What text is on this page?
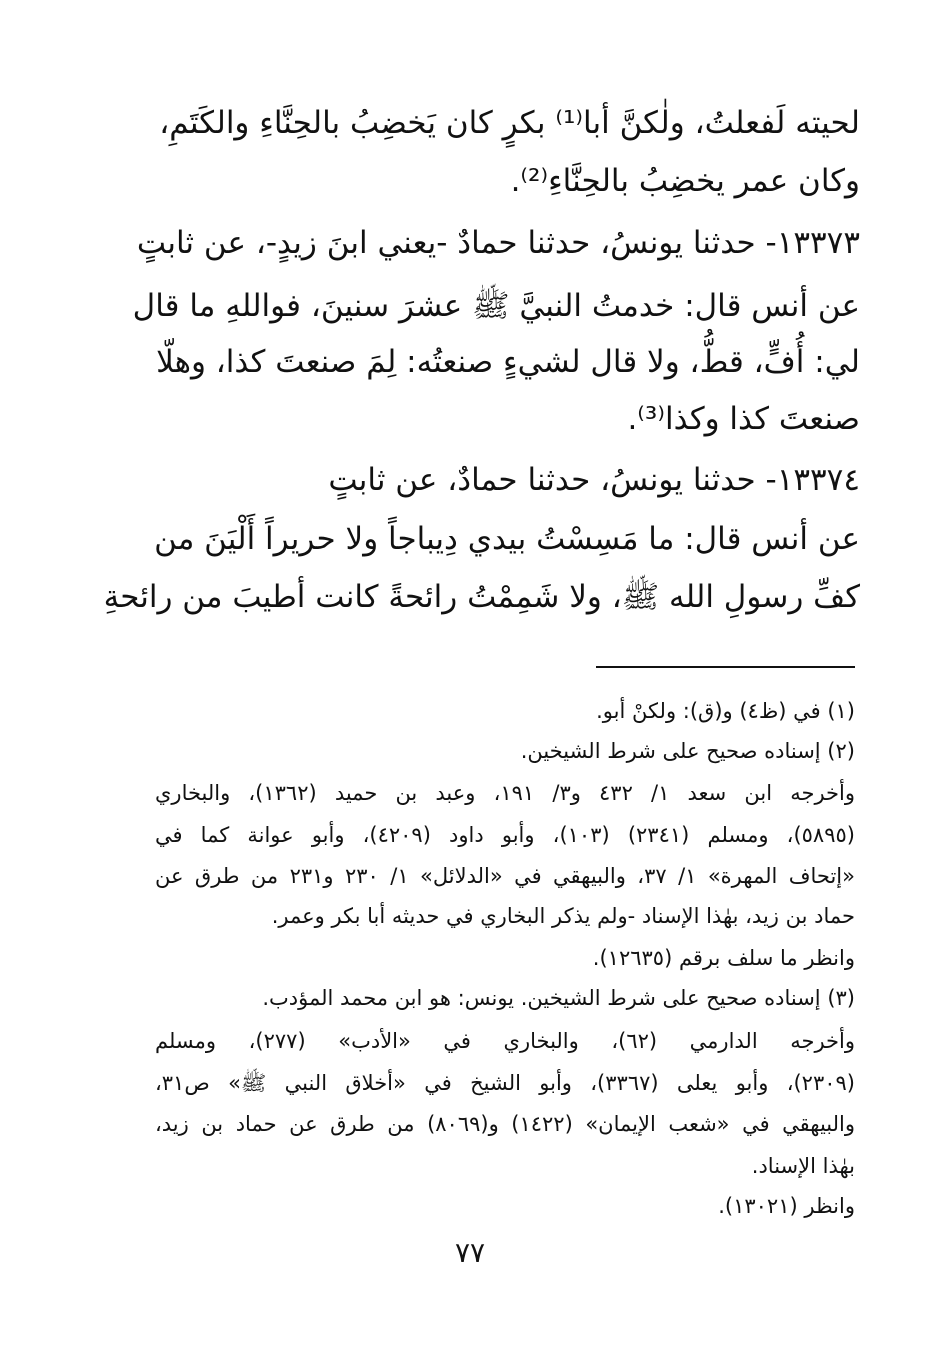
لحيته لَفعلتُ، ولٰكنَّ أبا⁽¹⁾ بكرٍ كان يَخضِبُ بالحِنَّاءِ والكَتَمِ،
وكان عمر يخضِبُ بالحِنَّاءِ⁽²⁾.
١٣٣٧٣- حدثنا يونسُ، حدثنا حمادٌ -يعني ابنَ زيدٍ-، عن ثابتٍ
عن أنس قال: خدمتُ النبيَّ ﷺ عشرَ سنينَ، فواللهِ ما قال
لي: أُفٍّ، قطُّ، ولا قال لشيءٍ صنعتُه: لِمَ صنعتَ كذا، وهلّا
صنعتَ كذا وكذا⁽³⁾.
١٣٣٧٤- حدثنا يونسُ، حدثنا حمادٌ، عن ثابتٍ
عن أنس قال: ما مَسِسْتُ بيدي دِيباجاً ولا حريراً أَلْيَنَ من
كفِّ رسولِ الله ﷺ، ولا شَمِمْتُ رائحةً كانت أطيبَ من رائحةِ
(١) في (ظ٤) و(ق): ولكنْ أبو.
(٢) إسناده صحيح على شرط الشيخين.
وأخرجه ابن سعد ١/ ٤٣٢ و٣/ ١٩١، وعبد بن حميد (١٣٦٢)، والبخاري
(٥٨٩٥)، ومسلم (٢٣٤١) (١٠٣)، وأبو داود (٤٢٠٩)، وأبو عوانة كما في
«إتحاف المهرة» ١/ ٣٧، والبيهقي في «الدلائل» ١/ ٢٣٠ و٢٣١ من طرق عن
حماد بن زيد، بهٰذا الإسناد -ولم يذكر البخاري في حديثه أبا بكر وعمر.
وانظر ما سلف برقم (١٢٦٣٥).
(٣) إسناده صحيح على شرط الشيخين. يونس: هو ابن محمد المؤدب.
وأخرجه الدارمي (٦٢)، والبخاري في «الأدب» (٢٧٧)، ومسلم
(٢٣٠٩)، وأبو يعلى (٣٣٦٧)، وأبو الشيخ في «أخلاق النبي ﷺ» ص٣١،
والبيهقي في «شعب الإيمان» (١٤٢٢) و(٨٠٦٩) من طرق عن حماد بن زيد،
بهٰذا الإسناد.
وانظر (١٣٠٢١).
٧٧
